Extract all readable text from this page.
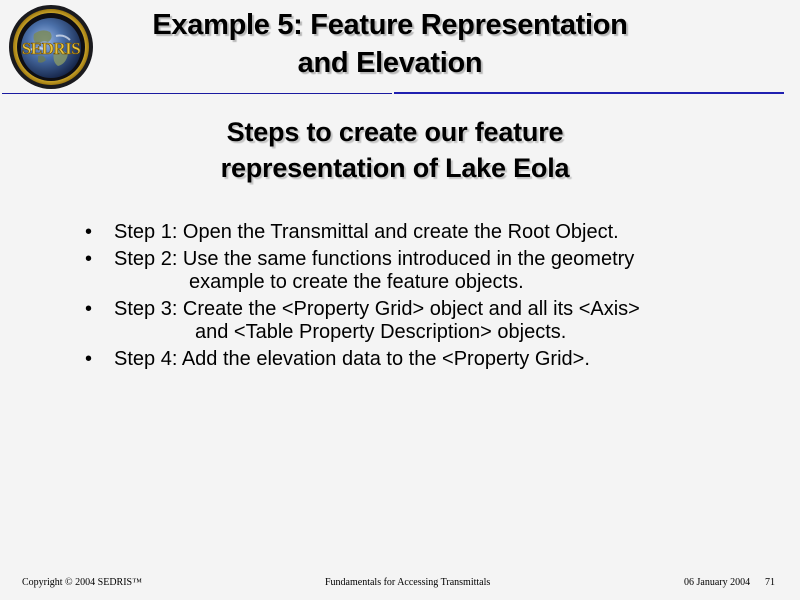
SEDRIS
Example 5: Feature Representation
and Elevation
Steps to create our feature
representation of Lake Eola
• Step 1: Open the Transmittal and create the Root Object.
• Step 2: Use the same functions introduced in the geometry
example to create the feature objects.
• Step 3: Create the <Property Grid> object and all its <Axis>
and <Table Property Description> objects.
• Step 4: Add the elevation data to the <Property Grid>.
Copyright © 2004 SEDRIS™	Fundamentals for Accessing Transmittals	06 January 2004 71
